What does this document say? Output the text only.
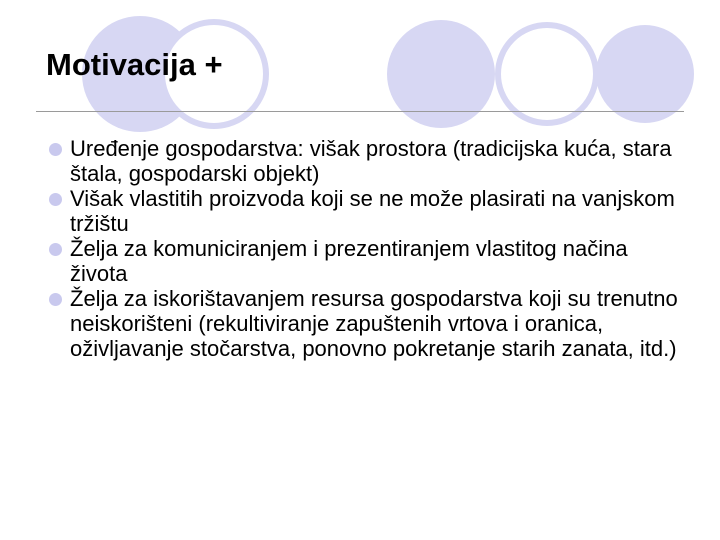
Motivacija +
Uređenje gospodarstva: višak prostora (tradicijska kuća, stara štala, gospodarski objekt)
Višak vlastitih proizvoda koji se ne može plasirati na vanjskom tržištu
Želja za komuniciranjem i prezentiranjem vlastitog načina života
Želja za iskorištavanjem resursa gospodarstva koji su trenutno neiskorišteni (rekultiviranje zapuštenih vrtova i oranica, oživljavanje stočarstva, ponovno pokretanje starih zanata, itd.)
